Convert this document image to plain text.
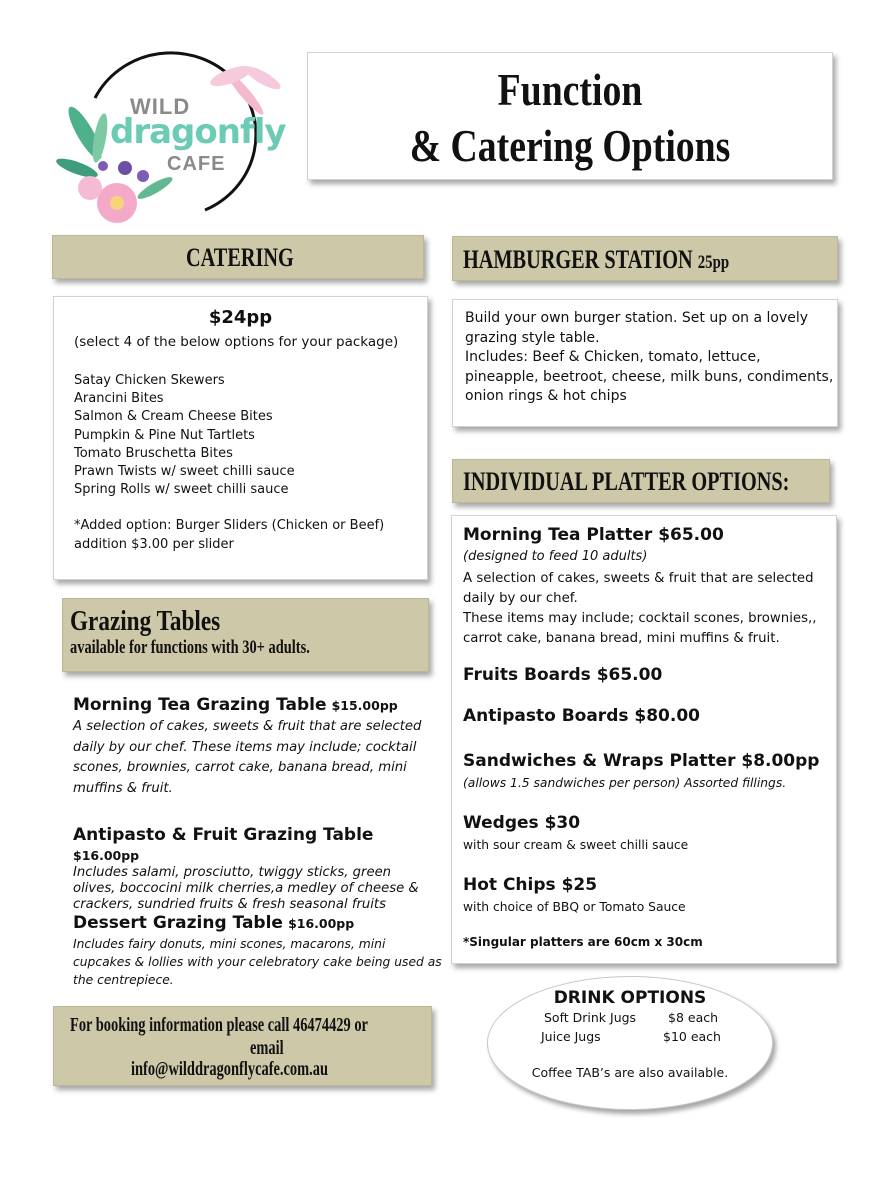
WILD
dragonfly
CAFE
Function
& Catering Options
CATERING
$24pp
(select 4 of the below options for your package)
Satay Chicken Skewers
Arancini Bites
Salmon & Cream Cheese Bites
Pumpkin & Pine Nut Tartlets
Tomato Bruschetta Bites
Prawn Twists w/ sweet chilli sauce
Spring Rolls w/ sweet chilli sauce
*Added option: Burger Sliders (Chicken or Beef)
addition $3.00 per slider
HAMBURGER STATION 25pp
Build your own burger station. Set up on a lovely
grazing style table.
Includes: Beef & Chicken, tomato, lettuce,
pineapple, beetroot, cheese, milk buns, condiments,
onion rings & hot chips
INDIVIDUAL PLATTER OPTIONS:
Morning Tea Platter $65.00
(designed to feed 10 adults)
A selection of cakes, sweets & fruit that are selected
daily by our chef.
These items may include; cocktail scones, brownies,,
carrot cake, banana bread, mini muffins & fruit.
Fruits Boards $65.00
Antipasto Boards $80.00
Sandwiches & Wraps Platter $8.00pp
(allows 1.5 sandwiches per person) Assorted fillings.
Wedges $30
with sour cream & sweet chilli sauce
Hot Chips $25
with choice of BBQ or Tomato Sauce
*Singular platters are 60cm x 30cm
Grazing Tables
available for functions with 30+ adults.
Morning Tea Grazing Table $15.00pp
A selection of cakes, sweets & fruit that are selected
daily by our chef. These items may include; cocktail
scones, brownies, carrot cake, banana bread, mini
muffins & fruit.
Antipasto & Fruit Grazing Table $16.00pp
Includes salami, prosciutto, twiggy sticks, green
olives, boccocini milk cherries,a medley of cheese &
crackers, sundried fruits & fresh seasonal fruits
Dessert Grazing Table $16.00pp
Includes fairy donuts, mini scones, macarons, mini
cupcakes & lollies with your celebratory cake being used as
the centrepiece.
For booking information please call 46474429 or
email
info@wilddragonflycafe.com.au
DRINK OPTIONS
Soft Drink Jugs	$8 each
Juice Jugs	$10 each
Coffee TAB’s are also available.
